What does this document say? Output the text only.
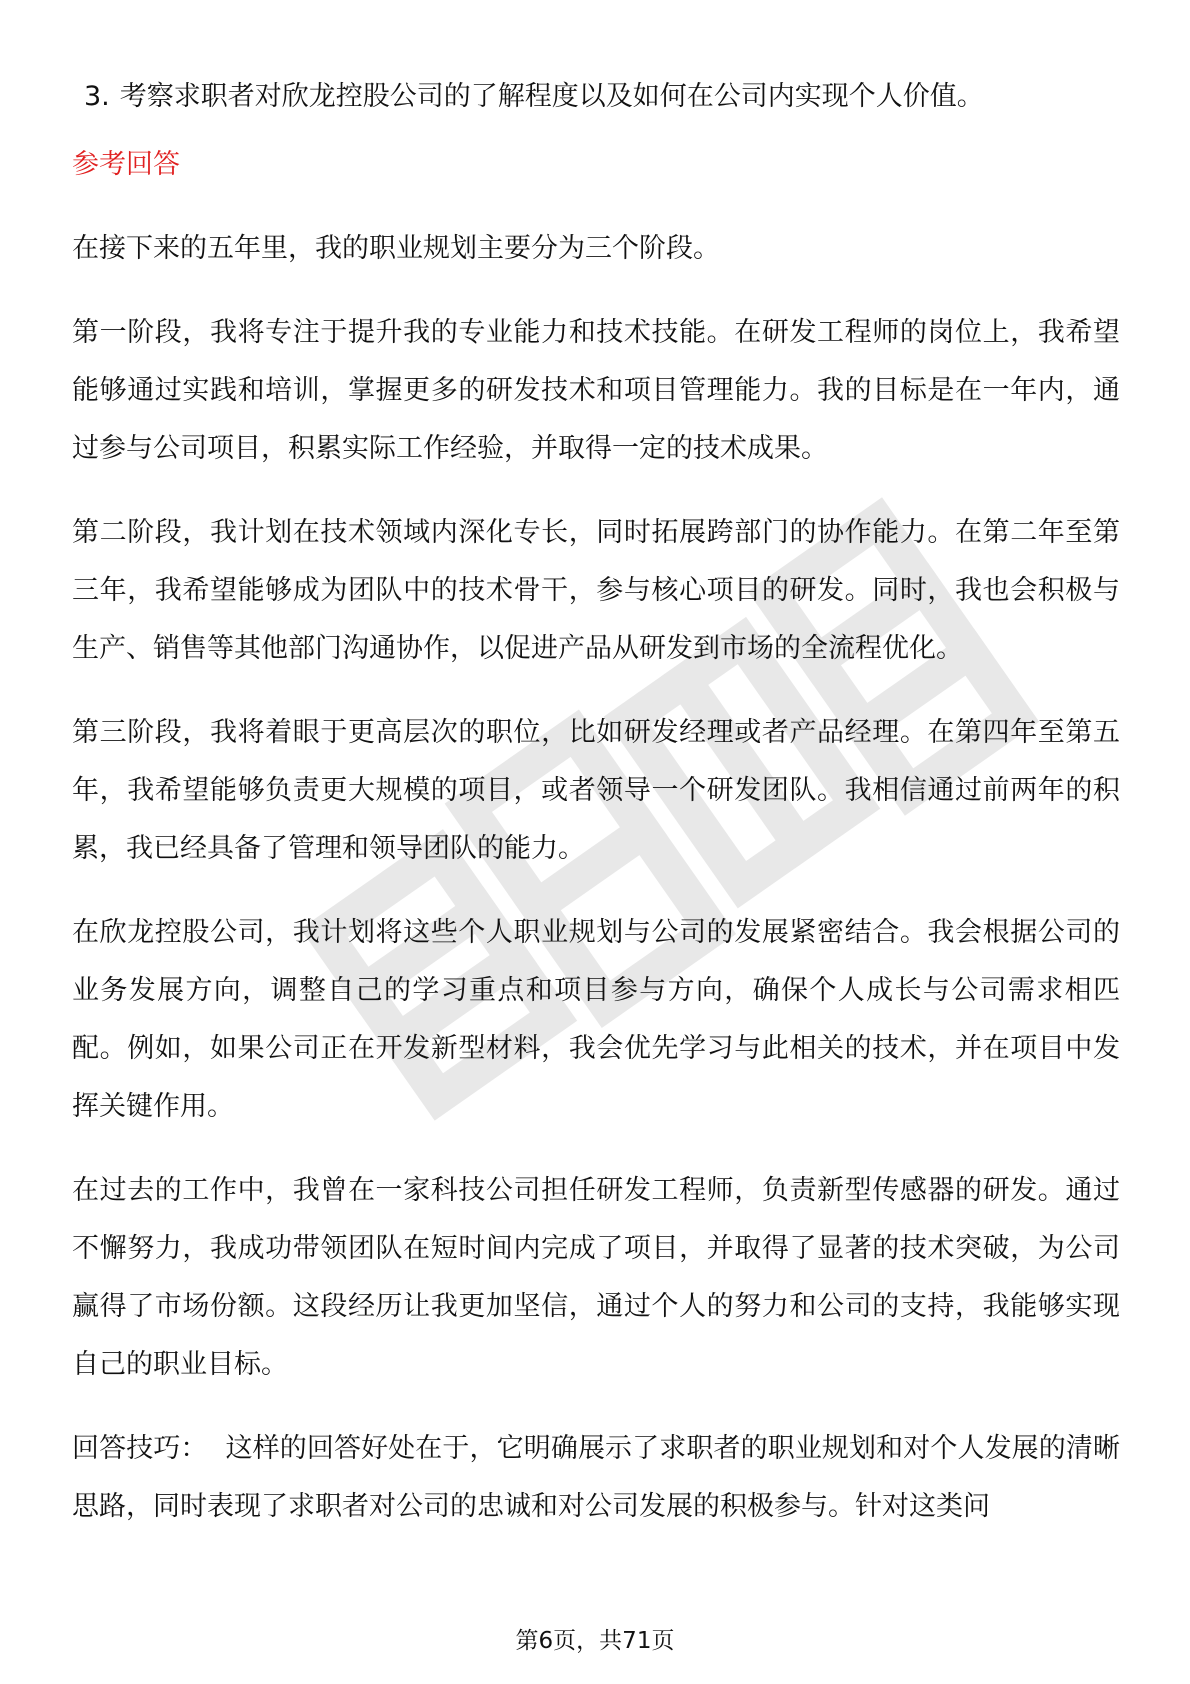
3. 考察求职者对欣龙控股公司的了解程度以及如何在公司内实现个人价值。
参考回答

在接下来的五年里，我的职业规划主要分为三个阶段。

第一阶段，我将专注于提升我的专业能力和技术技能。在研发工程师的岗位上，我希望能够通过实践和培训，掌握更多的研发技术和项目管理能力。我的目标是在一年内，通过参与公司项目，积累实际工作经验，并取得一定的技术成果。

第二阶段，我计划在技术领域内深化专长，同时拓展跨部门的协作能力。在第二年至第三年，我希望能够成为团队中的技术骨干，参与核心项目的研发。同时，我也会积极与生产、销售等其他部门沟通协作，以促进产品从研发到市场的全流程优化。

第三阶段，我将着眼于更高层次的职位，比如研发经理或者产品经理。在第四年至第五年，我希望能够负责更大规模的项目，或者领导一个研发团队。我相信通过前两年的积累，我已经具备了管理和领导团队的能力。

在欣龙控股公司，我计划将这些个人职业规划与公司的发展紧密结合。我会根据公司的业务发展方向，调整自己的学习重点和项目参与方向，确保个人成长与公司需求相匹配。例如，如果公司正在开发新型材料，我会优先学习与此相关的技术，并在项目中发挥关键作用。

在过去的工作中，我曾在一家科技公司担任研发工程师，负责新型传感器的研发。通过不懈努力，我成功带领团队在短时间内完成了项目，并取得了显著的技术突破，为公司赢得了市场份额。这段经历让我更加坚信，通过个人的努力和公司的支持，我能够实现自己的职业目标。

回答技巧： 这样的回答好处在于，它明确展示了求职者的职业规划和对个人发展的清晰思路，同时表现了求职者对公司的忠诚和对公司发展的积极参与。针对这类问

第6页，共71页
